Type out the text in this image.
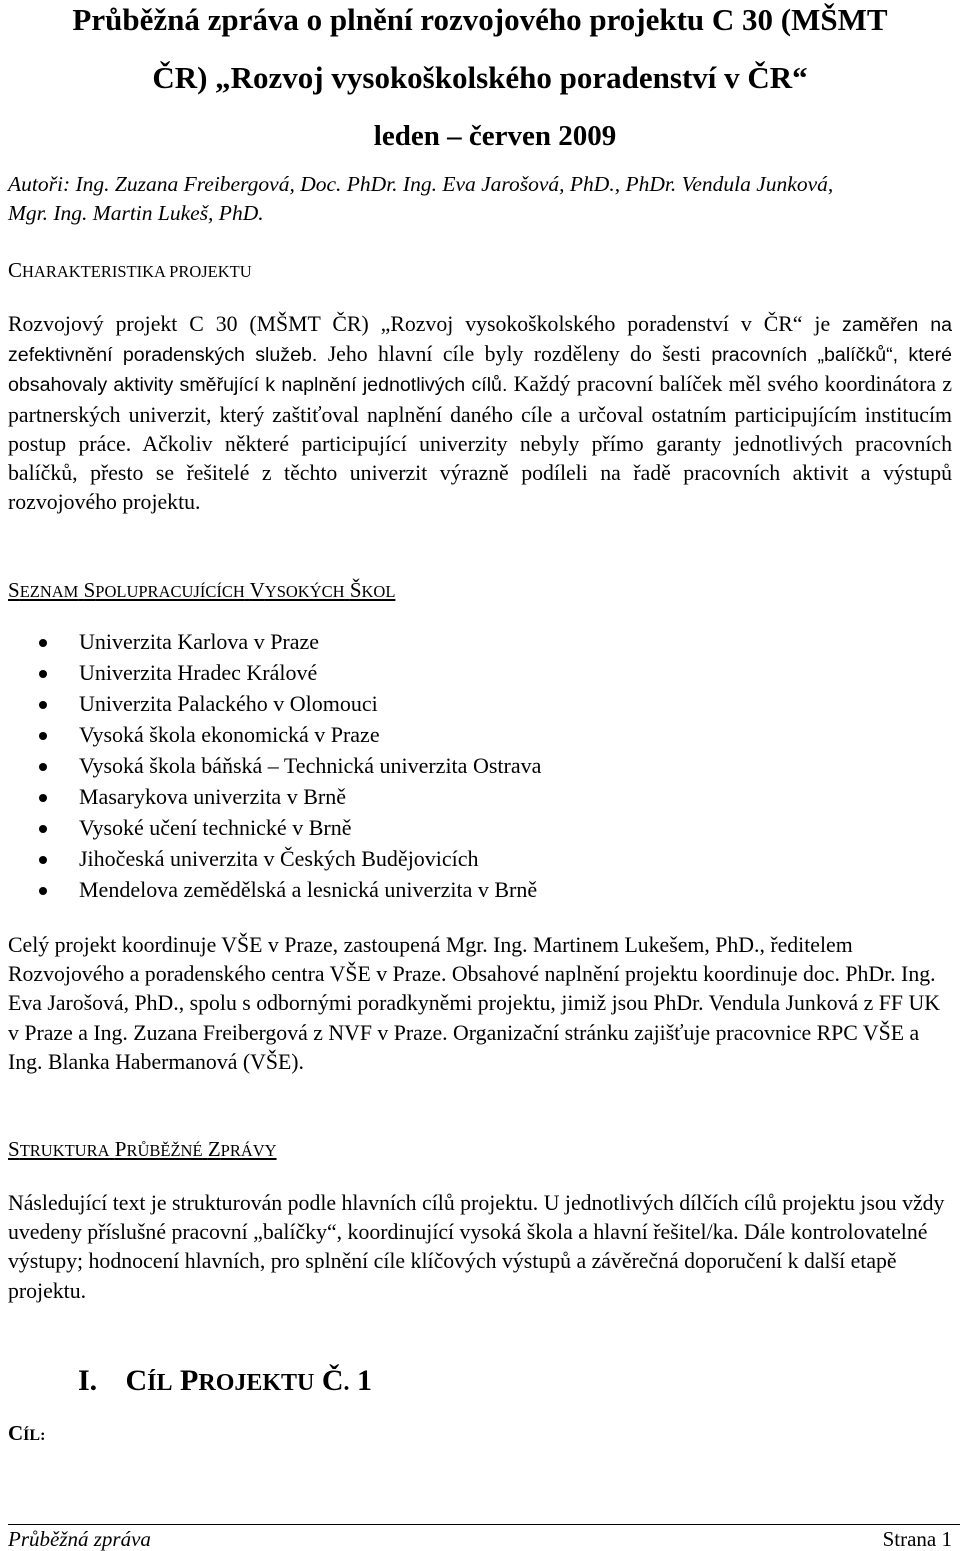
Průběžná zpráva o plnění rozvojového projektu C 30 (MŠMT
ČR) „Rozvoj vysokoškolského poradenství v ČR“
leden – červen 2009
Autoři: Ing. Zuzana Freibergová, Doc. PhDr. Ing. Eva Jarošová, PhD., PhDr. Vendula Junková,
Mgr. Ing. Martin Lukeš, PhD.
CHARAKTERISTIKA PROJEKTU

Rozvojový projekt C 30 (MŠMT ČR) „Rozvoj vysokoškolského poradenství v ČR“ je zaměřen na zefektivnění poradenských služeb. Jeho hlavní cíle byly rozděleny do šesti pracovních „balíčků“, které obsahovaly aktivity směřující k naplnění jednotlivých cílů. Každý pracovní balíček měl svého koordinátora z partnerských univerzit, který zaštiťoval naplnění daného cíle a určoval ostatním participujícím institucím postup práce. Ačkoliv některé participující univerzity nebyly přímo garanty jednotlivých pracovních balíčků, přesto se řešitelé z těchto univerzit výrazně podíleli na řadě pracovních aktivit a výstupů rozvojového projektu.

SEZNAM SPOLUPRACUJÍCÍCH VYSOKÝCH ŠKOL
Univerzita Karlova v Praze
Univerzita Hradec Králové
Univerzita Palackého v Olomouci
Vysoká škola ekonomická v Praze
Vysoká škola báňská – Technická univerzita Ostrava
Masarykova univerzita v Brně
Vysoké učení technické v Brně
Jihočeská univerzita v Českých Budějovicích
Mendelova zemědělská a lesnická univerzita v Brně

Celý projekt koordinuje VŠE v Praze, zastoupená Mgr. Ing. Martinem Lukešem, PhD., ředitelem Rozvojového a poradenského centra VŠE v Praze. Obsahové naplnění projektu koordinuje doc. PhDr. Ing. Eva Jarošová, PhD., spolu s odbornými poradkyněmi projektu, jimiž jsou PhDr. Vendula Junková z FF UK v Praze a Ing. Zuzana Freibergová z NVF v Praze. Organizační stránku zajišťuje pracovnice RPC VŠE a Ing. Blanka Habermanová (VŠE).

STRUKTURA PRŮBĚŽNÉ ZPRÁVY

Následující text je strukturován podle hlavních cílů projektu. U jednotlivých dílčích cílů projektu jsou vždy uvedeny příslušné pracovní „balíčky“, koordinující vysoká škola a hlavní řešitel/ka. Dále kontrolovatelné výstupy; hodnocení hlavních, pro splnění cíle klíčových výstupů a závěrečná doporučení k další etapě projektu.

I. CÍL PROJEKTU Č. 1
CÍL:
Průběžná zpráva	Strana 1
